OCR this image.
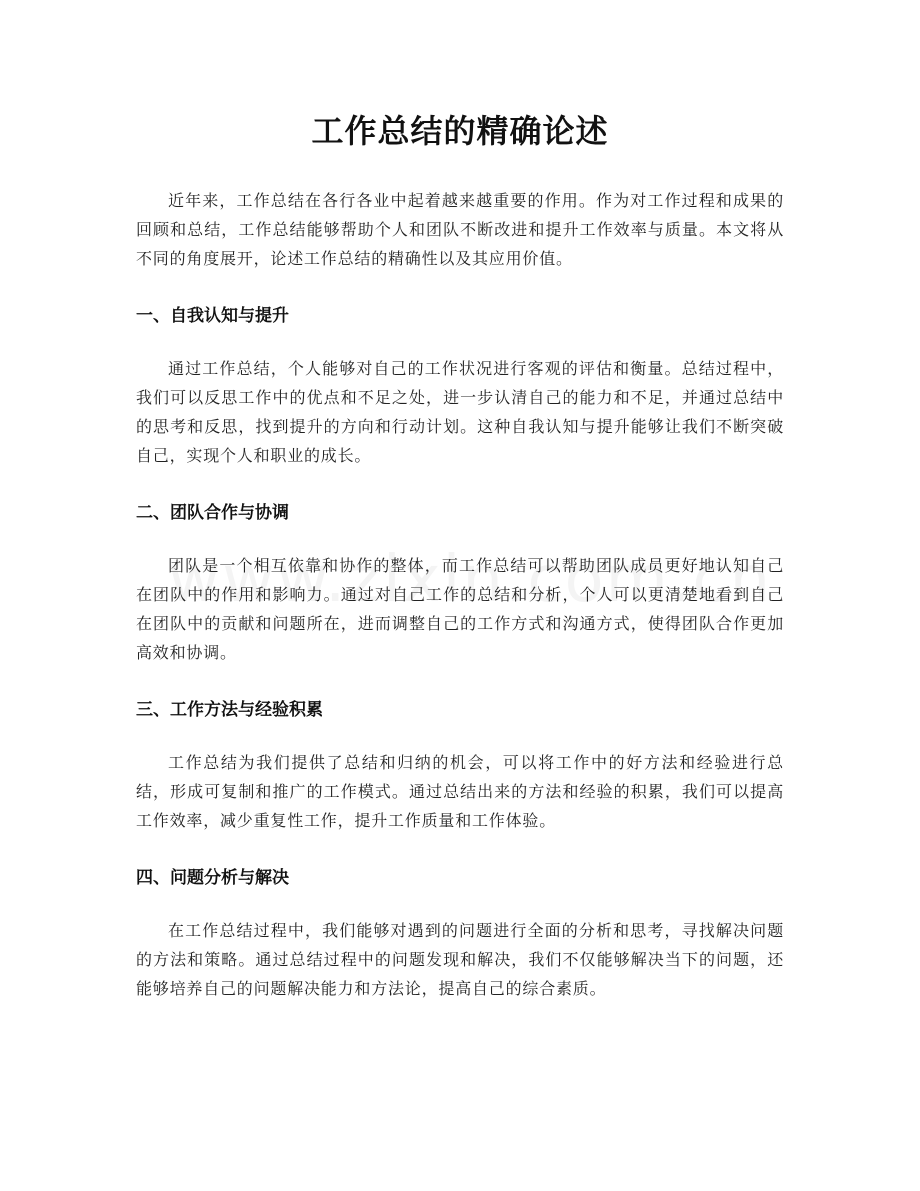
工作总结的精确论述

近年来，工作总结在各行各业中起着越来越重要的作用。作为对工作过程和成果的回顾和总结，工作总结能够帮助个人和团队不断改进和提升工作效率与质量。本文将从不同的角度展开，论述工作总结的精确性以及其应用价值。

一、自我认知与提升

通过工作总结，个人能够对自己的工作状况进行客观的评估和衡量。总结过程中，我们可以反思工作中的优点和不足之处，进一步认清自己的能力和不足，并通过总结中的思考和反思，找到提升的方向和行动计划。这种自我认知与提升能够让我们不断突破自己，实现个人和职业的成长。

二、团队合作与协调

团队是一个相互依靠和协作的整体，而工作总结可以帮助团队成员更好地认知自己在团队中的作用和影响力。通过对自己工作的总结和分析，个人可以更清楚地看到自己在团队中的贡献和问题所在，进而调整自己的工作方式和沟通方式，使得团队合作更加高效和协调。

三、工作方法与经验积累

工作总结为我们提供了总结和归纳的机会，可以将工作中的好方法和经验进行总结，形成可复制和推广的工作模式。通过总结出来的方法和经验的积累，我们可以提高工作效率，减少重复性工作，提升工作质量和工作体验。

四、问题分析与解决

在工作总结过程中，我们能够对遇到的问题进行全面的分析和思考，寻找解决问题的方法和策略。通过总结过程中的问题发现和解决，我们不仅能够解决当下的问题，还能够培养自己的问题解决能力和方法论，提高自己的综合素质。
